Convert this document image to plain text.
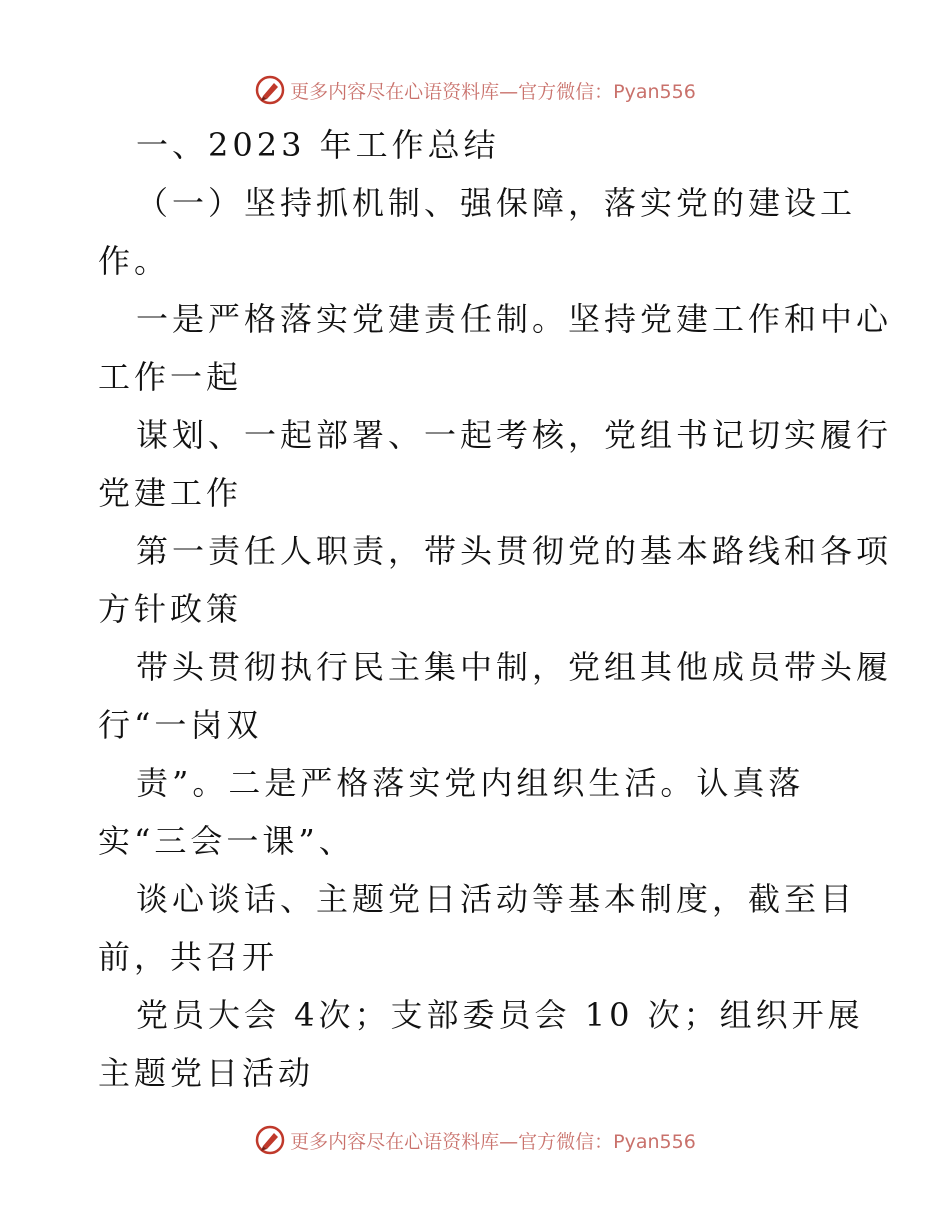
更多内容尽在心语资料库—官方微信：Pyan556
一、2023 年工作总结
（一）坚持抓机制、强保障，落实党的建设工
作。
一是严格落实党建责任制。坚持党建工作和中心
工作一起
谋划、一起部署、一起考核，党组书记切实履行
党建工作
第一责任人职责，带头贯彻党的基本路线和各项
方针政策
带头贯彻执行民主集中制，党组其他成员带头履
行“一岗双
责”。二是严格落实党内组织生活。认真落
实“三会一课”、
谈心谈话、主题党日活动等基本制度，截至目
前，共召开
党员大会 4次；支部委员会 10 次；组织开展
主题党日活动
更多内容尽在心语资料库—官方微信：Pyan556
